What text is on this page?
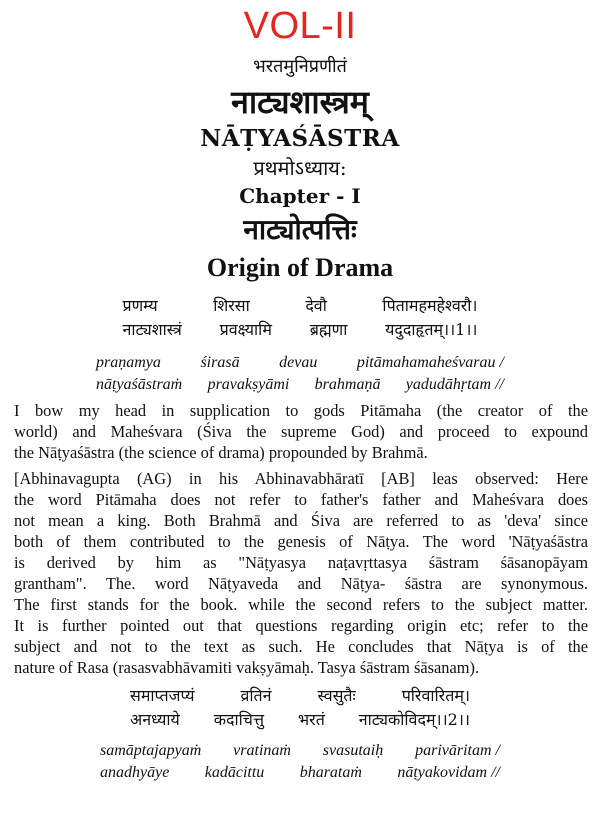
VOL-II
भरतमुनिप्रणीतं
नाट्यशास्त्रम्
NĀṬYAŚĀSTRA
प्रथमोऽध्याय:
Chapter - I
नाट्योत्पत्तिः
Origin of Drama
प्रणम्य	शिरसा	देवौ	पितामहमहेश्वरौ।
नाट्यशास्त्रं प्रवक्ष्यामि ब्रह्मणा यदुदाहृतम्।।1।।
praṇamya śirasā devau pitāmahamaheśvarau /
nāṭyaśāstraṁ pravakṣyāmi brahmaṇā yadudāhṛtam //
I bow my head in supplication to gods Pitāmaha (the creator of the
world) and Maheśvara (Śiva the supreme God) and proceed to expound
the Nāṭyaśāstra (the science of drama) propounded by Brahmā.
[Abhinavagupta (AG) in his Abhinavabhāratī [AB] leas observed: Here
the word Pitāmaha does not refer to father's father and Maheśvara does
not mean a king. Both Brahmā and Śiva are referred to as 'deva' since
both of them contributed to the genesis of Nāṭya. The word 'Nāṭyaśāstra
is derived by him as "Nāṭyasya naṭavṛttasya śāstram śāsanopāyam
grantham". The. word Nāṭyaveda and Nāṭya- śāstra are synonymous.
The first stands for the book. while the second refers to the subject matter.
It is further pointed out that questions regarding origin etc; refer to the
subject and not to the text as such. He concludes that Nāṭya is of the
nature of Rasa (rasasvabhāvamiti vakṣyāmaḥ. Tasya śāstram śāsanam).
समाप्तजप्यं	व्रतिनं	स्वसुतैः	परिवारितम्।
अनध्याये कदाचित्तु भरतं नाट्यकोविदम्।।2।।
samāptajapyaṁ vratinaṁ svasutaiḥ parivāritam /
anadhyāye kadācittu bharataṁ nāṭyakovidam //
